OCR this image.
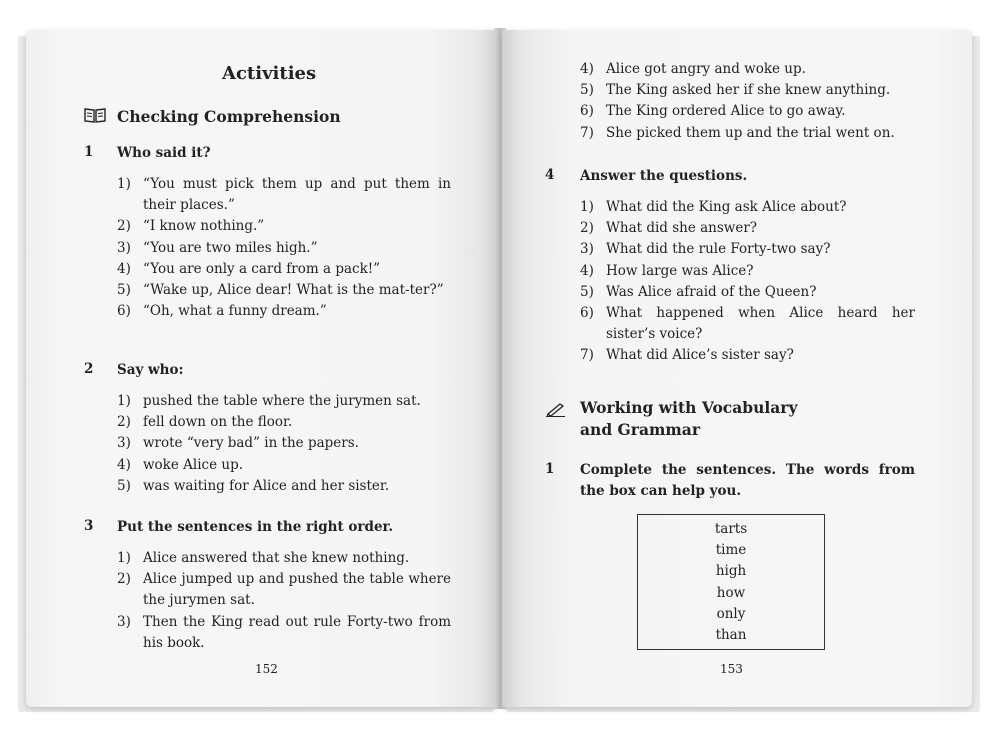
Activities
Checking Comprehension
1 Who said it?
1) “You must pick them up and put them in their places.”
2) “I know nothing.”
3) “You are two miles high.”
4) “You are only a card from a pack!”
5) “Wake up, Alice dear! What is the mat-ter?”
6) “Oh, what a funny dream.”
2 Say who:
1) pushed the table where the jurymen sat.
2) fell down on the floor.
3) wrote “very bad” in the papers.
4) woke Alice up.
5) was waiting for Alice and her sister.
3 Put the sentences in the right order.
1) Alice answered that she knew nothing.
2) Alice jumped up and pushed the table where the jurymen sat.
3) Then the King read out rule Forty-two from his book.
152
4) Alice got angry and woke up.
5) The King asked her if she knew anything.
6) The King ordered Alice to go away.
7) She picked them up and the trial went on.
4 Answer the questions.
1) What did the King ask Alice about?
2) What did she answer?
3) What did the rule Forty-two say?
4) How large was Alice?
5) Was Alice afraid of the Queen?
6) What happened when Alice heard her sister’s voice?
7) What did Alice’s sister say?
Working with Vocabulary
and Grammar
1 Complete the sentences. The words from the box can help you.
tarts
time
high
how
only
than
153
